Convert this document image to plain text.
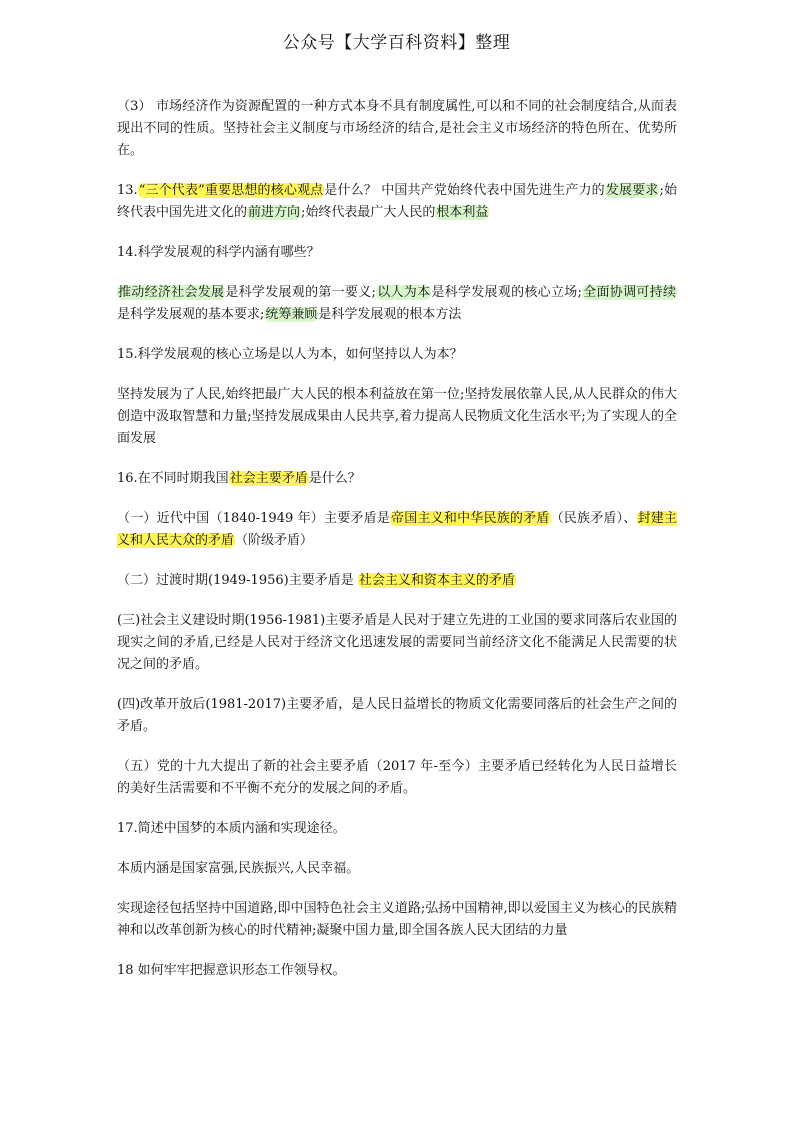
公众号【大学百科资料】整理

（3） 市场经济作为资源配置的一种方式本身不具有制度属性,可以和不同的社会制度结合,从而表现出不同的性质。坚持社会主义制度与市场经济的结合,是社会主义市场经济的特色所在、优势所在。

13.“三个代表”重要思想的核心观点是什么？ 中国共产党始终代表中国先进生产力的发展要求;始终代表中国先进文化的前进方向;始终代表最广大人民的根本利益

14.科学发展观的科学内涵有哪些？

推动经济社会发展是科学发展观的第一要义;以人为本是科学发展观的核心立场;全面协调可持续是科学发展观的基本要求;统筹兼顾是科学发展观的根本方法

15.科学发展观的核心立场是以人为本，如何坚持以人为本？

坚持发展为了人民,始终把最广大人民的根本利益放在第一位;坚持发展依靠人民,从人民群众的伟大创造中汲取智慧和力量;坚持发展成果由人民共享,着力提高人民物质文化生活水平;为了实现人的全面发展

16.在不同时期我国社会主要矛盾是什么？

（一）近代中国（1840-1949 年）主要矛盾是帝国主义和中华民族的矛盾（民族矛盾）、封建主义和人民大众的矛盾（阶级矛盾）

（二）过渡时期(1949-1956)主要矛盾是 社会主义和资本主义的矛盾

(三)社会主义建设时期(1956-1981)主要矛盾是人民对于建立先进的工业国的要求同落后农业国的现实之间的矛盾,已经是人民对于经济文化迅速发展的需要同当前经济文化不能满足人民需要的状况之间的矛盾。

(四)改革开放后(1981-2017)主要矛盾，是人民日益增长的物质文化需要同落后的社会生产之间的矛盾。

（五）党的十九大提出了新的社会主要矛盾（2017 年-至今）主要矛盾已经转化为人民日益增长的美好生活需要和不平衡不充分的发展之间的矛盾。

17.简述中国梦的本质内涵和实现途径。

本质内涵是国家富强,民族振兴,人民幸福。

实现途径包括坚持中国道路,即中国特色社会主义道路;弘扬中国精神,即以爱国主义为核心的民族精神和以改革创新为核心的时代精神;凝聚中国力量,即全国各族人民大团结的力量

18 如何牢牢把握意识形态工作领导权。
